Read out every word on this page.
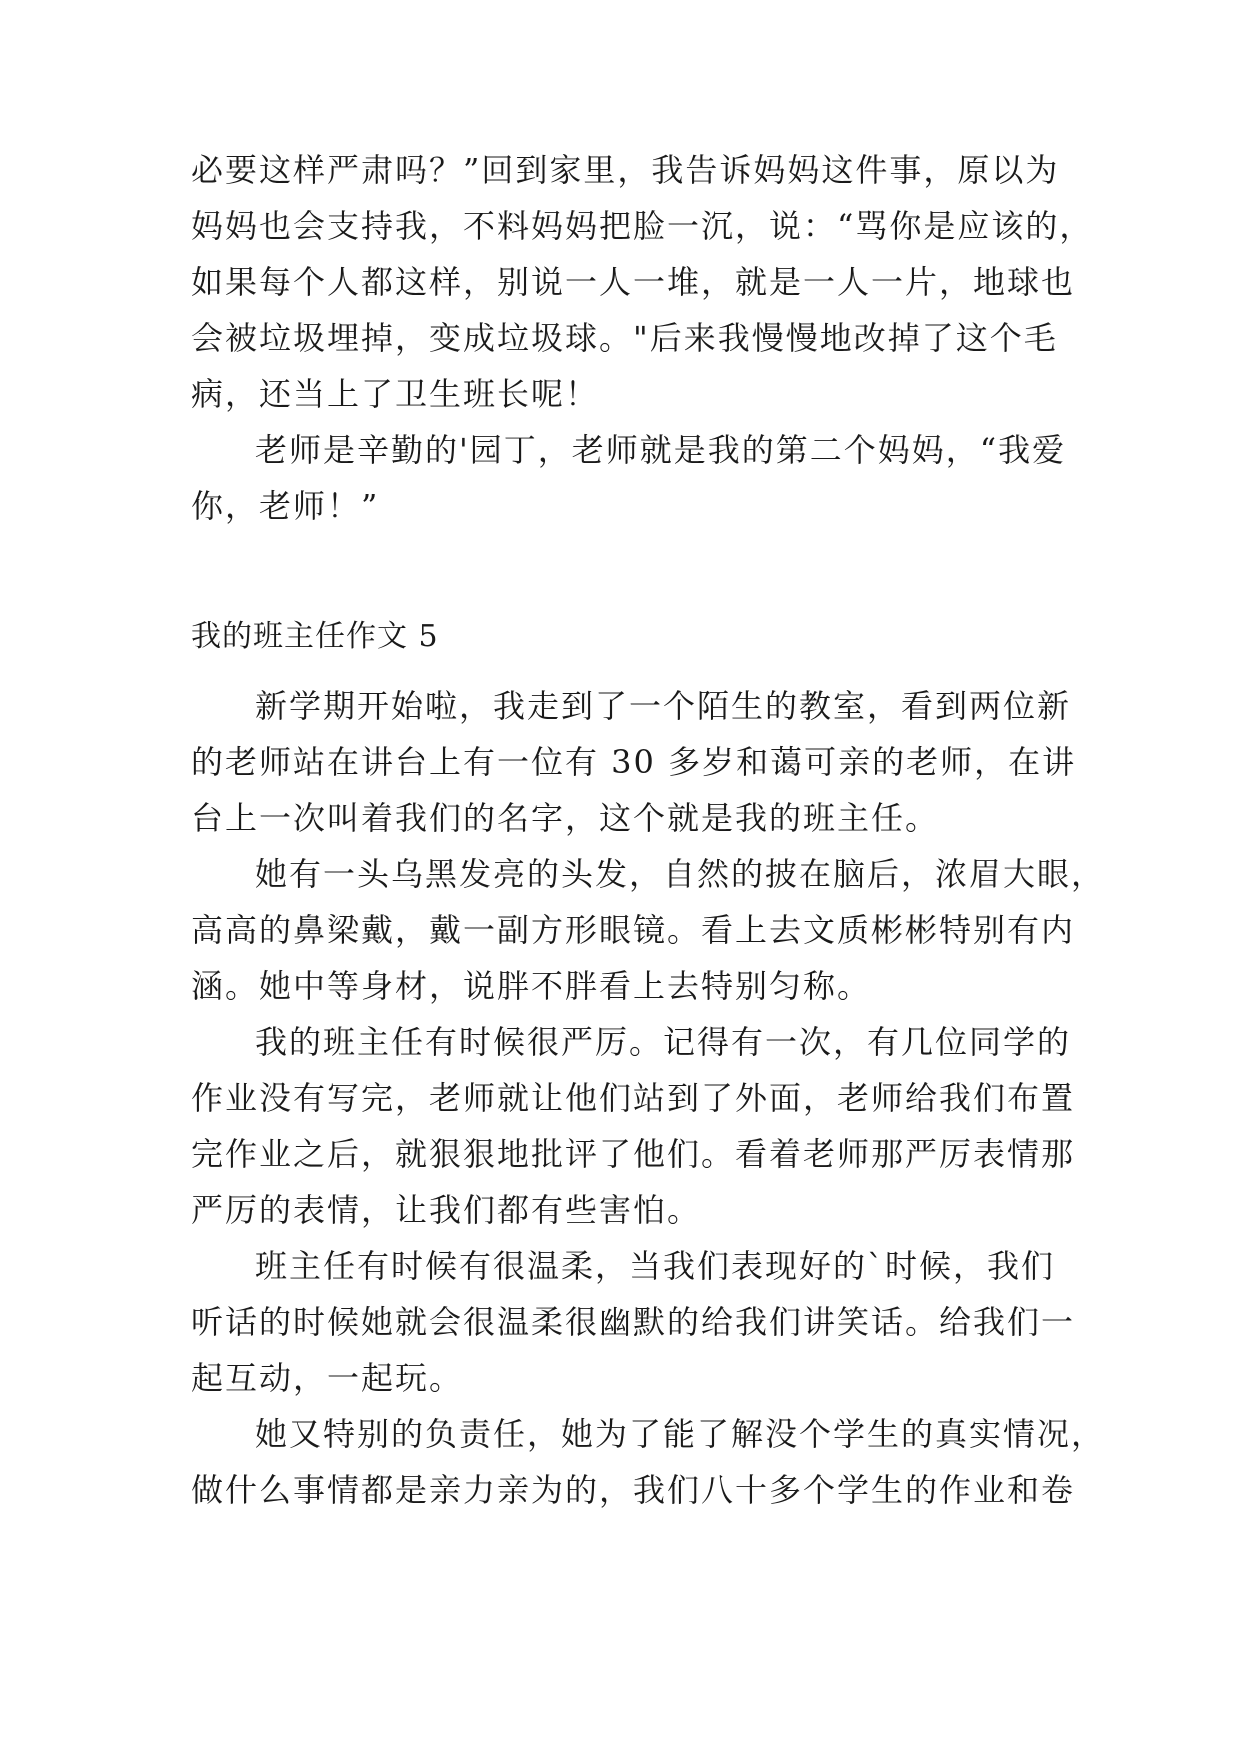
必要这样严肃吗？”回到家里，我告诉妈妈这件事，原以为
妈妈也会支持我，不料妈妈把脸一沉，说：“骂你是应该的，
如果每个人都这样，别说一人一堆，就是一人一片，地球也
会被垃圾埋掉，变成垃圾球。"后来我慢慢地改掉了这个毛
病，还当上了卫生班长呢！
老师是辛勤的'园丁，老师就是我的第二个妈妈，“我爱
你，老师！”
我的班主任作文 5
新学期开始啦，我走到了一个陌生的教室，看到两位新
的老师站在讲台上有一位有 30 多岁和蔼可亲的老师，在讲
台上一次叫着我们的名字，这个就是我的班主任。
她有一头乌黑发亮的头发，自然的披在脑后，浓眉大眼，
高高的鼻梁戴，戴一副方形眼镜。看上去文质彬彬特别有内
涵。她中等身材，说胖不胖看上去特别匀称。
我的班主任有时候很严厉。记得有一次，有几位同学的
作业没有写完，老师就让他们站到了外面，老师给我们布置
完作业之后，就狠狠地批评了他们。看着老师那严厉表情那
严厉的表情，让我们都有些害怕。
班主任有时候有很温柔，当我们表现好的`时候，我们
听话的时候她就会很温柔很幽默的给我们讲笑话。给我们一
起互动，一起玩。
她又特别的负责任，她为了能了解没个学生的真实情况，
做什么事情都是亲力亲为的，我们八十多个学生的作业和卷
